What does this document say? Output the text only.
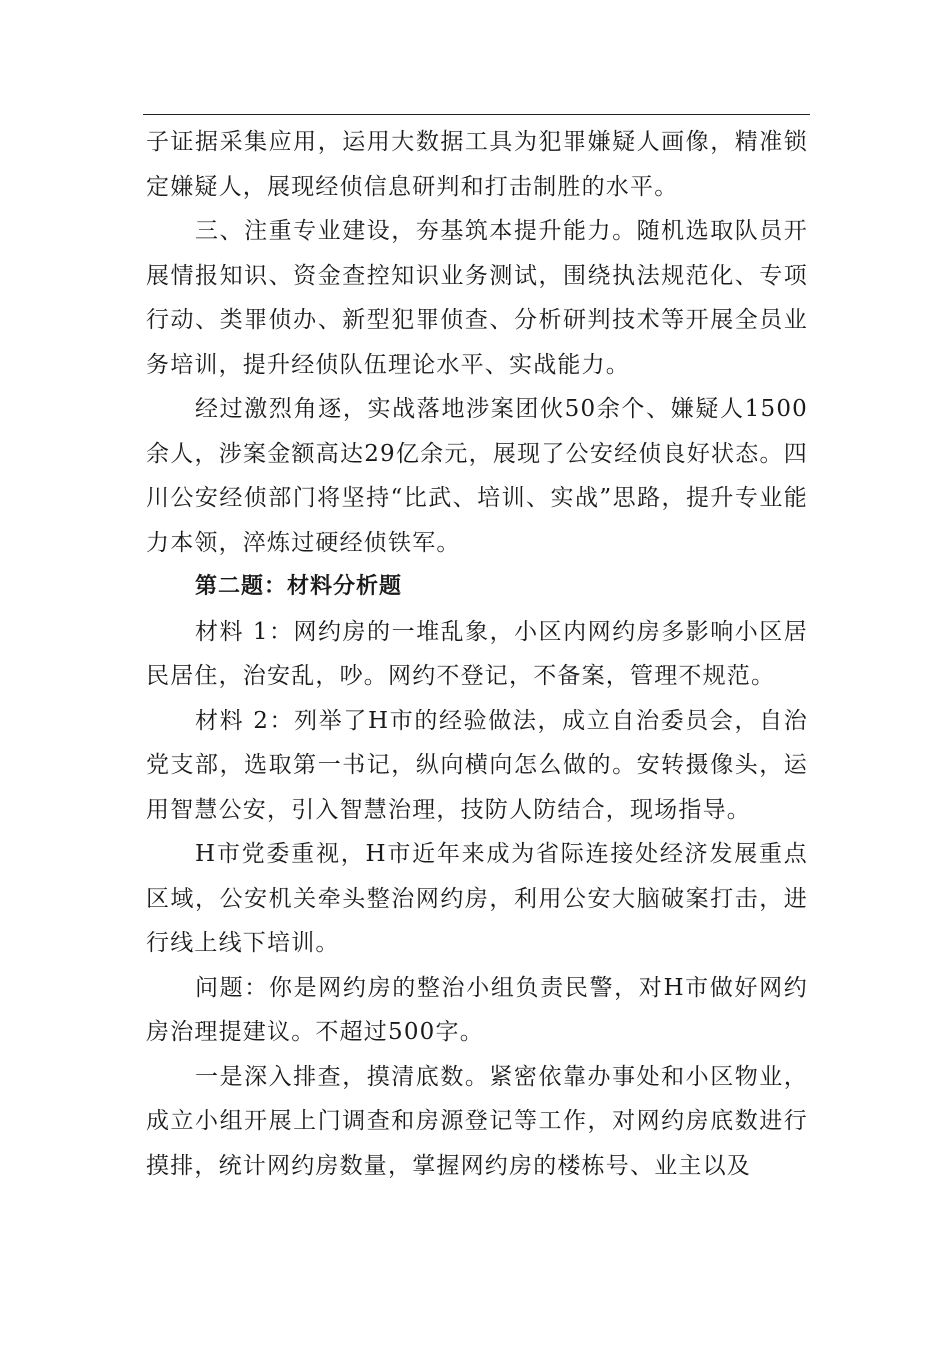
子证据采集应用，运用大数据工具为犯罪嫌疑人画像，精准锁定嫌疑人，展现经侦信息研判和打击制胜的水平。

三、注重专业建设，夯基筑本提升能力。随机选取队员开展情报知识、资金查控知识业务测试，围绕执法规范化、专项行动、类罪侦办、新型犯罪侦查、分析研判技术等开展全员业务培训，提升经侦队伍理论水平、实战能力。

经过激烈角逐，实战落地涉案团伙50余个、嫌疑人1500余人，涉案金额高达29亿余元，展现了公安经侦良好状态。四川公安经侦部门将坚持“比武、培训、实战”思路，提升专业能力本领，淬炼过硬经侦铁军。

第二题：材料分析题

材料 1：网约房的一堆乱象，小区内网约房多影响小区居民居住，治安乱，吵。网约不登记，不备案，管理不规范。

材料 2：列举了H市的经验做法，成立自治委员会，自治党支部，选取第一书记，纵向横向怎么做的。安转摄像头，运用智慧公安，引入智慧治理，技防人防结合，现场指导。

H市党委重视，H市近年来成为省际连接处经济发展重点区域，公安机关牵头整治网约房，利用公安大脑破案打击，进行线上线下培训。

问题：你是网约房的整治小组负责民警，对H市做好网约房治理提建议。不超过500字。

一是深入排查，摸清底数。紧密依靠办事处和小区物业，成立小组开展上门调查和房源登记等工作，对网约房底数进行摸排，统计网约房数量，掌握网约房的楼栋号、业主以及
